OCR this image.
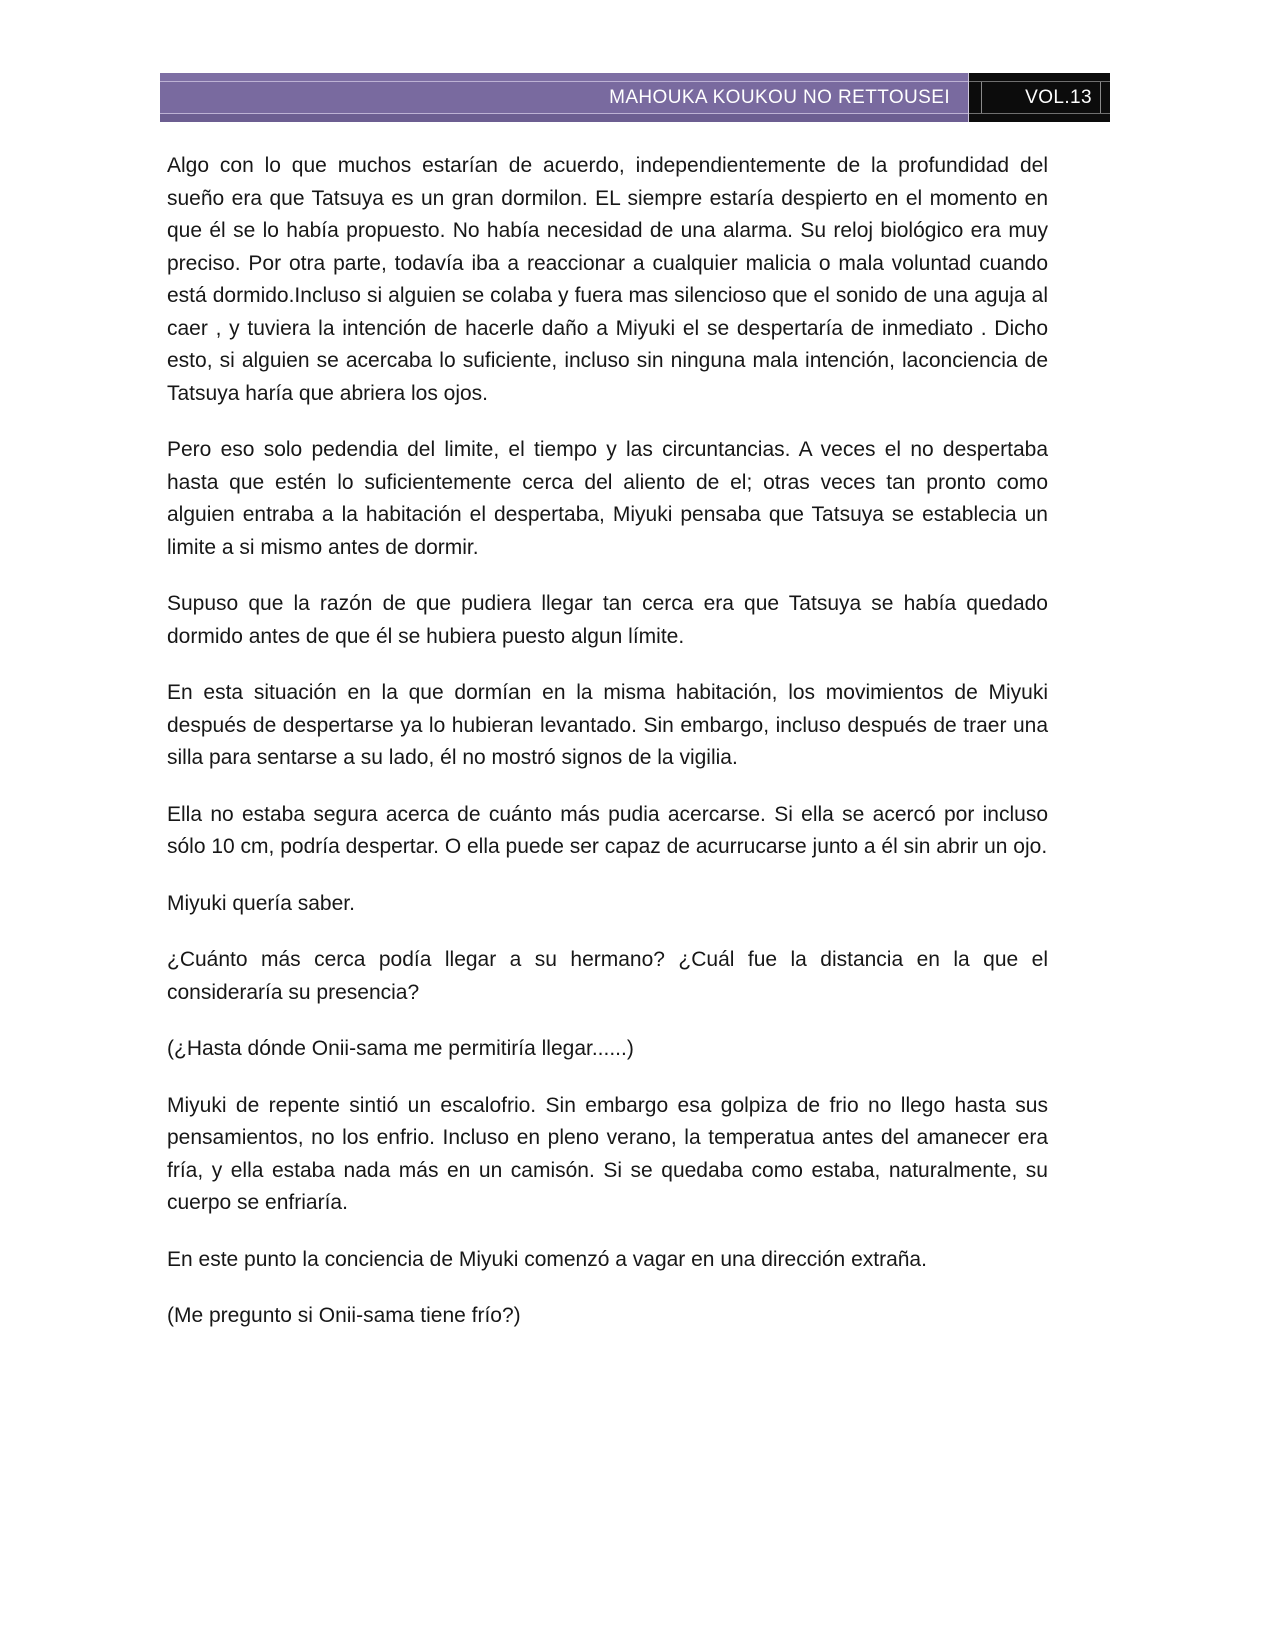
MAHOUKA KOUKOU NO RETTOUSEI	VOL.13

Algo con lo que muchos estarían de acuerdo, independientemente de la profundidad del sueño era que Tatsuya es un gran dormilon. EL siempre estaría despierto en el momento en que él se lo había propuesto. No había necesidad de una alarma. Su reloj biológico era muy preciso. Por otra parte, todavía iba a reaccionar a cualquier malicia o mala voluntad cuando está dormido.Incluso si alguien se colaba y fuera mas silencioso que el sonido de una aguja al caer , y tuviera la intención de hacerle daño a Miyuki el se despertaría de inmediato . Dicho esto, si alguien se acercaba lo suficiente, incluso sin ninguna mala intención, laconciencia de Tatsuya haría que abriera los ojos.

Pero eso solo pedendia del limite, el tiempo y las circuntancias. A veces el no despertaba hasta que estén lo suficientemente cerca del aliento de el; otras veces tan pronto como alguien entraba a la habitación el despertaba, Miyuki pensaba que Tatsuya se establecia un limite a si mismo antes de dormir.

Supuso que la razón de que pudiera llegar tan cerca era que Tatsuya se había quedado dormido antes de que él se hubiera puesto algun límite.

En esta situación en la que dormían en la misma habitación, los movimientos de Miyuki después de despertarse ya lo hubieran levantado. Sin embargo, incluso después de traer una silla para sentarse a su lado, él no mostró signos de la vigilia.

Ella no estaba segura acerca de cuánto más pudia acercarse. Si ella se acercó por incluso sólo 10 cm, podría despertar. O ella puede ser capaz de acurrucarse junto a él sin abrir un ojo.

Miyuki quería saber.

¿Cuánto más cerca podía llegar a su hermano? ¿Cuál fue la distancia en la que el consideraría su presencia?

(¿Hasta dónde Onii-sama me permitiría llegar......)

Miyuki de repente sintió un escalofrio. Sin embargo esa golpiza de frio no llego hasta sus pensamientos, no los enfrio. Incluso en pleno verano, la temperatua antes del amanecer era fría, y ella estaba nada más en un camisón. Si se quedaba como estaba, naturalmente, su cuerpo se enfriaría.

En este punto la conciencia de Miyuki comenzó a vagar en una dirección extraña.

(Me pregunto si Onii-sama tiene frío?)
